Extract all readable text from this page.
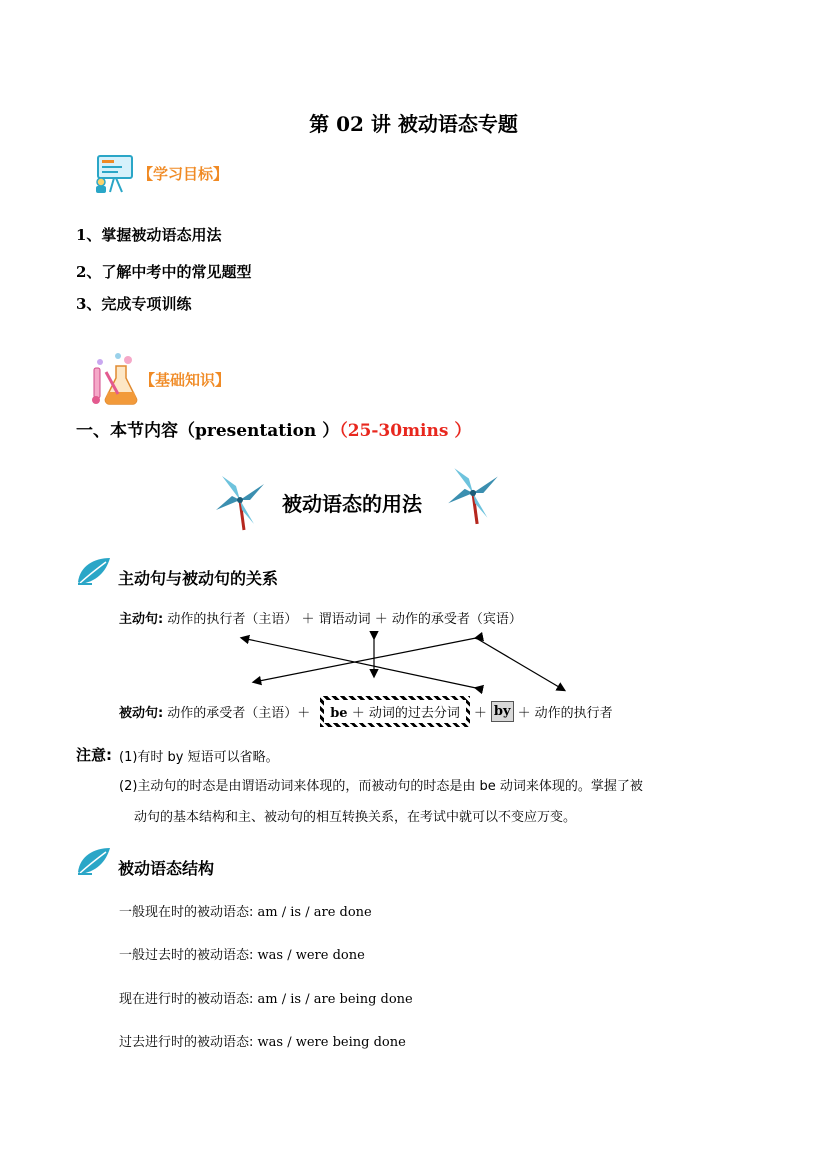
第 02 讲 被动语态专题
【学习目标】
1、掌握被动语态用法
2、了解中考中的常见题型
3、完成专项训练
【基础知识】
一、本节内容（presentation ）（25-30mins ）
被动语态的用法
主动句与被动句的关系
主动句: 动作的执行者（主语） ＋ 谓语动词 ＋ 动作的承受者（宾语）
被动句: 动作的承受者（主语）＋	be ＋ 动词的过去分词	＋ by ＋ 动作的执行者
注意: (1)有时 by 短语可以省略。
(2)主动句的时态是由谓语动词来体现的，而被动句的时态是由 be 动词来体现的。掌握了被
动句的基本结构和主、被动句的相互转换关系，在考试中就可以不变应万变。
被动语态结构
一般现在时的被动语态: am / is / are done
一般过去时的被动语态: was / were done
现在进行时的被动语态: am / is / are being done
过去进行时的被动语态: was / were being done
